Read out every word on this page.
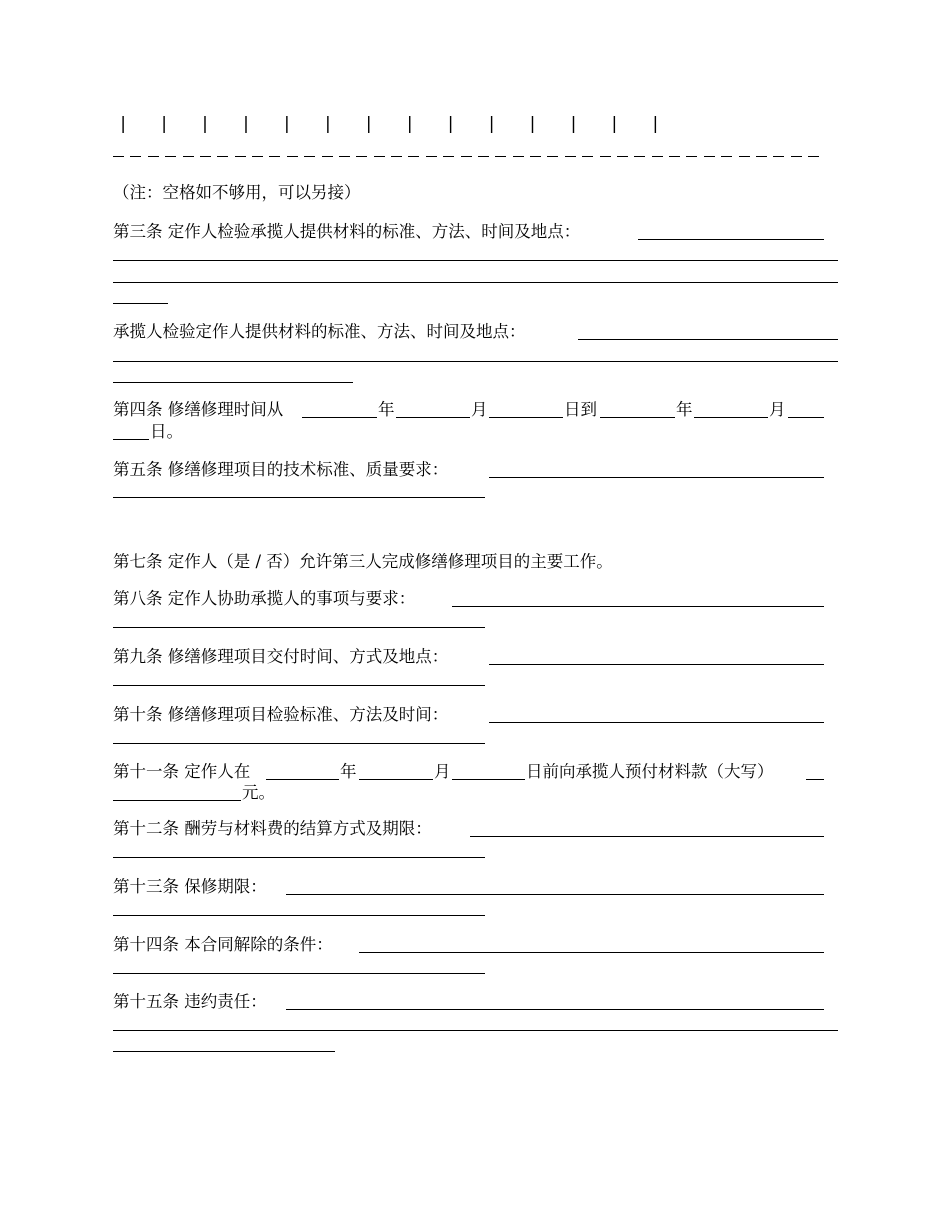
|   |   |   |   |   |   |   |   |   |   |   |   |   |
（注：空格如不够用，可以另接）
第三条 定作人检验承揽人提供材料的标准、方法、时间及地点：
承揽人检验定作人提供材料的标准、方法、时间及地点：
第四条 修缮修理时间从	年	月	日到	年	月
日。
第五条 修缮修理项目的技术标准、质量要求：
第七条 定作人（是 / 否）允许第三人完成修缮修理项目的主要工作。
第八条 定作人协助承揽人的事项与要求：
第九条 修缮修理项目交付时间、方式及地点：
第十条 修缮修理项目检验标准、方法及时间：
第十一条 定作人在	年	月	日前向承揽人预付材料款（大写）
元。
第十二条 酬劳与材料费的结算方式及期限：
第十三条 保修期限：
第十四条 本合同解除的条件：
第十五条 违约责任：
